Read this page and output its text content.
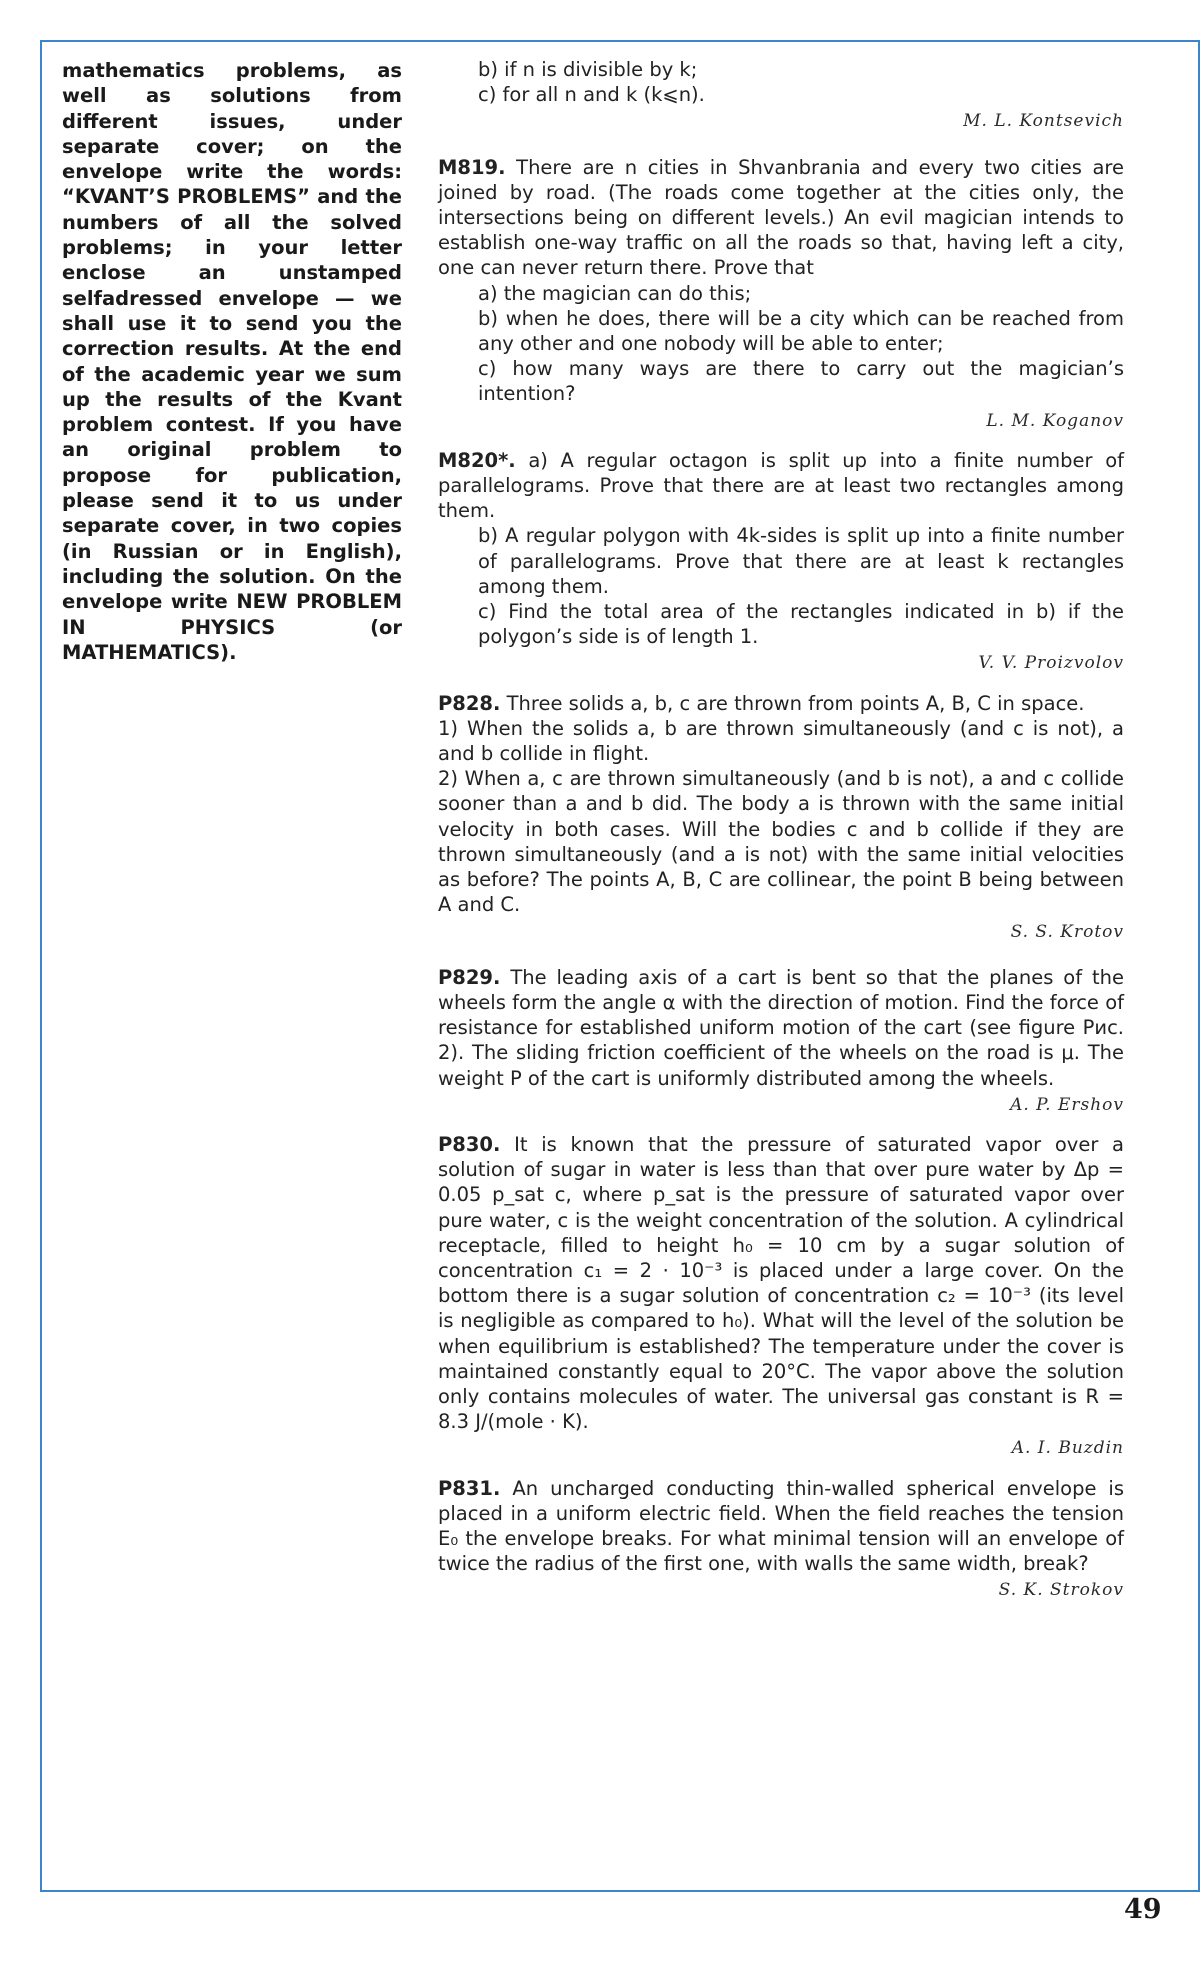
mathematics problems, as well as solutions from different issues, under separate cover; on the envelope write the words: “KVANT’S PROBLEMS” and the numbers of all the solved problems; in your letter enclose an unstamped selfadressed envelope — we shall use it to send you the correction results. At the end of the academic year we sum up the results of the Kvant problem contest. If you have an original problem to propose for publication, please send it to us under separate cover, in two copies (in Russian or in English), including the solution. On the envelope write NEW PROBLEM IN PHYSICS (or MATHEMATICS).

b) if n is divisible by k;

c) for all n and k (k⩽n).

M. L. Kontsevich

M819. There are n cities in Shvanbrania and every two cities are joined by road. (The roads come together at the cities only, the intersections being on different levels.) An evil magician intends to establish one-way traffic on all the roads so that, having left a city, one can never return there. Prove that

a) the magician can do this;

b) when he does, there will be a city which can be reached from any other and one nobody will be able to enter;

c) how many ways are there to carry out the magician’s intention?

L. M. Koganov

M820*. a) A regular octagon is split up into a finite number of parallelograms. Prove that there are at least two rectangles among them.

b) A regular polygon with 4k-sides is split up into a finite number of parallelograms. Prove that there are at least k rectangles among them.

c) Find the total area of the rectangles indicated in b) if the polygon’s side is of length 1.

V. V. Proizvolov

P828. Three solids a, b, c are thrown from points A, B, C in space.

1) When the solids a, b are thrown simultaneously (and c is not), a and b collide in flight.

2) When a, c are thrown simultaneously (and b is not), a and c collide sooner than a and b did. The body a is thrown with the same initial velocity in both cases. Will the bodies c and b collide if they are thrown simultaneously (and a is not) with the same initial velocities as before? The points A, B, C are collinear, the point B being between A and C.

S. S. Krotov

P829. The leading axis of a cart is bent so that the planes of the wheels form the angle α with the direction of motion. Find the force of resistance for established uniform motion of the cart (see figure Рис. 2). The sliding friction coefficient of the wheels on the road is μ. The weight P of the cart is uniformly distributed among the wheels.

A. P. Ershov

P830. It is known that the pressure of saturated vapor over a solution of sugar in water is less than that over pure water by Δp = 0.05 p_sat c, where p_sat is the pressure of saturated vapor over pure water, c is the weight concentration of the solution. A cylindrical receptacle, filled to height h₀ = 10 cm by a sugar solution of concentration c₁ = 2 · 10⁻³ is placed under a large cover. On the bottom there is a sugar solution of concentration c₂ = 10⁻³ (its level is negligible as compared to h₀). What will the level of the solution be when equilibrium is established? The temperature under the cover is maintained constantly equal to 20°C. The vapor above the solution only contains molecules of water. The universal gas constant is R = 8.3 J/(mole · K).

A. I. Buzdin

P831. An uncharged conducting thin-walled spherical envelope is placed in a uniform electric field. When the field reaches the tension E₀ the envelope breaks. For what minimal tension will an envelope of twice the radius of the first one, with walls the same width, break?

S. K. Strokov

49
